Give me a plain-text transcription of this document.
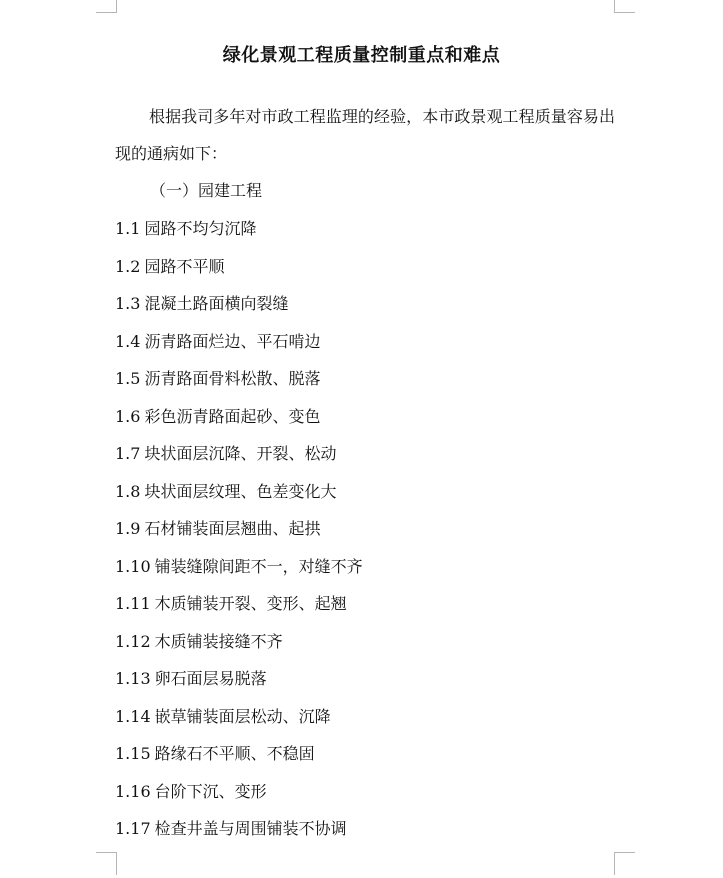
绿化景观工程质量控制重点和难点

根据我司多年对市政工程监理的经验，本市政景观工程质量容易出现的通病如下：

（一）园建工程
1.1 园路不均匀沉降
1.2 园路不平顺
1.3 混凝土路面横向裂缝
1.4 沥青路面烂边、平石啃边
1.5 沥青路面骨料松散、脱落
1.6 彩色沥青路面起砂、变色
1.7 块状面层沉降、开裂、松动
1.8 块状面层纹理、色差变化大
1.9 石材铺装面层翘曲、起拱
1.10 铺装缝隙间距不一，对缝不齐
1.11 木质铺装开裂、变形、起翘
1.12 木质铺装接缝不齐
1.13 卵石面层易脱落
1.14 嵌草铺装面层松动、沉降
1.15 路缘石不平顺、不稳固
1.16 台阶下沉、变形
1.17 检查井盖与周围铺装不协调
